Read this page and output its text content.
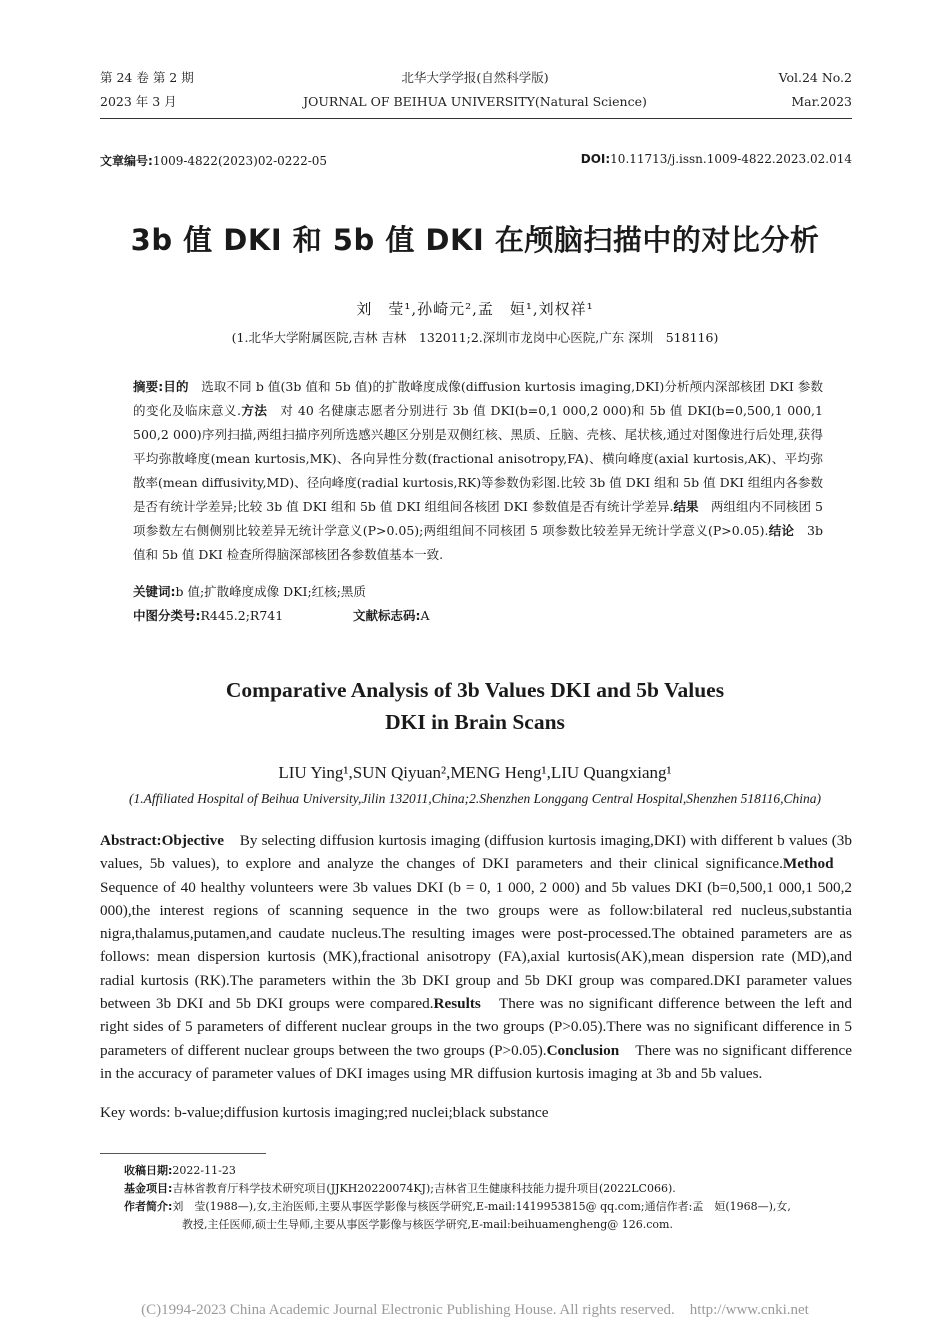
第 24 卷 第 2 期
2023 年 3 月
北华大学学报(自然科学版)
JOURNAL OF BEIHUA UNIVERSITY(Natural Science)
Vol.24 No.2
Mar.2023
文章编号:1009-4822(2023)02-0222-05	DOI:10.11713/j.issn.1009-4822.2023.02.014
3b 值 DKI 和 5b 值 DKI 在颅脑扫描中的对比分析
刘　莹¹,孙崎元²,孟　姮¹,刘权祥¹
(1.北华大学附属医院,吉林 吉林　132011;2.深圳市龙岗中心医院,广东 深圳　518116)
摘要:目的　选取不同 b 值(3b 值和 5b 值)的扩散峰度成像(diffusion kurtosis imaging,DKI)分析颅内深部核团 DKI 参数的变化及临床意义.方法　对 40 名健康志愿者分别进行 3b 值 DKI(b=0,1 000,2 000)和 5b 值 DKI(b=0,500,1 000,1 500,2 000)序列扫描,两组扫描序列所选感兴趣区分别是双侧红核、黑质、丘脑、壳核、尾状核,通过对图像进行后处理,获得平均弥散峰度(mean kurtosis,MK)、各向异性分数(fractional anisotropy,FA)、横向峰度(axial kurtosis,AK)、平均弥散率(mean diffusivity,MD)、径向峰度(radial kurtosis,RK)等参数伪彩图.比较 3b 值 DKI 组和 5b 值 DKI 组组内各参数是否有统计学差异;比较 3b 值 DKI 组和 5b 值 DKI 组组间各核团 DKI 参数值是否有统计学差异.结果　两组组内不同核团 5 项参数左右侧侧别比较差异无统计学意义(P>0.05);两组组间不同核团 5 项参数比较差异无统计学意义(P>0.05).结论　3b 值和 5b 值 DKI 检查所得脑深部核团各参数值基本一致.
关键词:b 值;扩散峰度成像 DKI;红核;黑质
中图分类号:R445.2;R741	文献标志码:A
Comparative Analysis of 3b Values DKI and 5b Values
DKI in Brain Scans
LIU Ying¹,SUN Qiyuan²,MENG Heng¹,LIU Quangxiang¹
(1.Affiliated Hospital of Beihua University,Jilin 132011,China;2.Shenzhen Longgang Central Hospital,Shenzhen 518116,China)
Abstract:Objective　By selecting diffusion kurtosis imaging (diffusion kurtosis imaging,DKI) with different b values (3b values, 5b values), to explore and analyze the changes of DKI parameters and their clinical significance.Method　Sequence of 40 healthy volunteers were 3b values DKI (b = 0, 1 000, 2 000) and 5b values DKI (b=0,500,1 000,1 500,2 000),the interest regions of scanning sequence in the two groups were as follow:bilateral red nucleus,substantia nigra,thalamus,putamen,and caudate nucleus.The resulting images were post-processed.The obtained parameters are as follows: mean dispersion kurtosis (MK),fractional anisotropy (FA),axial kurtosis(AK),mean dispersion rate (MD),and radial kurtosis (RK).The parameters within the 3b DKI group and 5b DKI group was compared.DKI parameter values between 3b DKI and 5b DKI groups were compared.Results　There was no significant difference between the left and right sides of 5 parameters of different nuclear groups in the two groups (P>0.05).There was no significant difference in 5 parameters of different nuclear groups between the two groups (P>0.05).Conclusion　There was no significant difference in the accuracy of parameter values of DKI images using MR diffusion kurtosis imaging at 3b and 5b values.
Key words: b-value;diffusion kurtosis imaging;red nuclei;black substance
收稿日期:2022-11-23
基金项目:吉林省教育厅科学技术研究项目(JJKH20220074KJ);吉林省卫生健康科技能力提升项目(2022LC066).
作者简介:刘　莹(1988—),女,主治医师,主要从事医学影像与核医学研究,E-mail:1419953815@ qq.com;通信作者:孟　姮(1968—),女,
教授,主任医师,硕士生导师,主要从事医学影像与核医学研究,E-mail:beihuamengheng@ 126.com.
(C)1994-2023 China Academic Journal Electronic Publishing House. All rights reserved.　http://www.cnki.net
